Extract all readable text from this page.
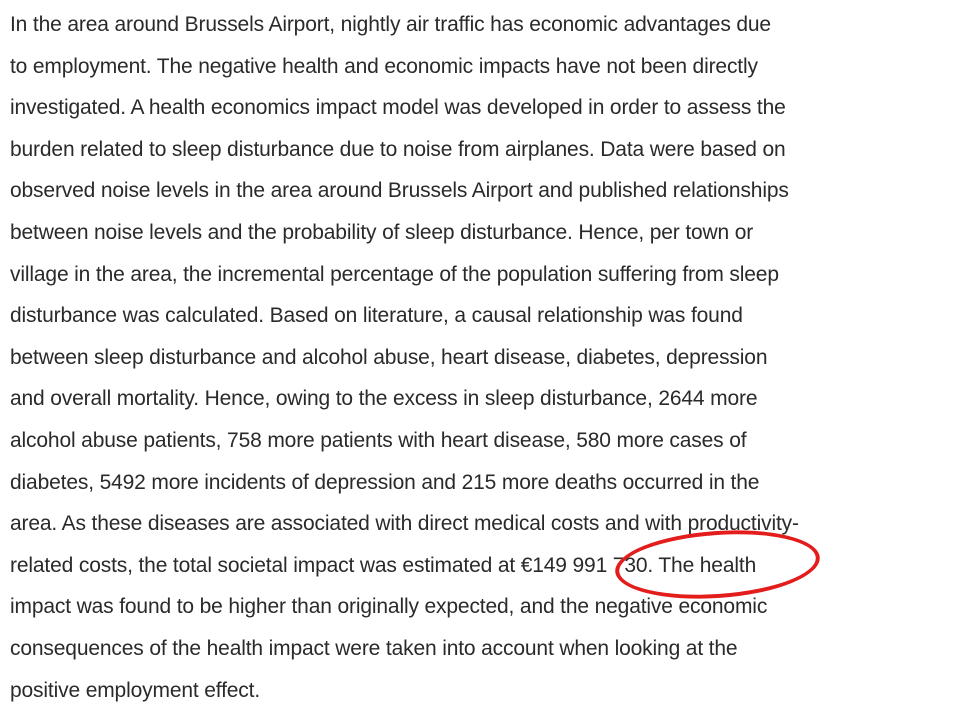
In the area around Brussels Airport, nightly air traffic has economic advantages due
to employment. The negative health and economic impacts have not been directly
investigated. A health economics impact model was developed in order to assess the
burden related to sleep disturbance due to noise from airplanes. Data were based on
observed noise levels in the area around Brussels Airport and published relationships
between noise levels and the probability of sleep disturbance. Hence, per town or
village in the area, the incremental percentage of the population suffering from sleep
disturbance was calculated. Based on literature, a causal relationship was found
between sleep disturbance and alcohol abuse, heart disease, diabetes, depression
and overall mortality. Hence, owing to the excess in sleep disturbance, 2644 more
alcohol abuse patients, 758 more patients with heart disease, 580 more cases of
diabetes, 5492 more incidents of depression and 215 more deaths occurred in the
area. As these diseases are associated with direct medical costs and with productivity-
related costs, the total societal impact was estimated at €149 991 730. The health
impact was found to be higher than originally expected, and the negative economic
consequences of the health impact were taken into account when looking at the
positive employment effect.
